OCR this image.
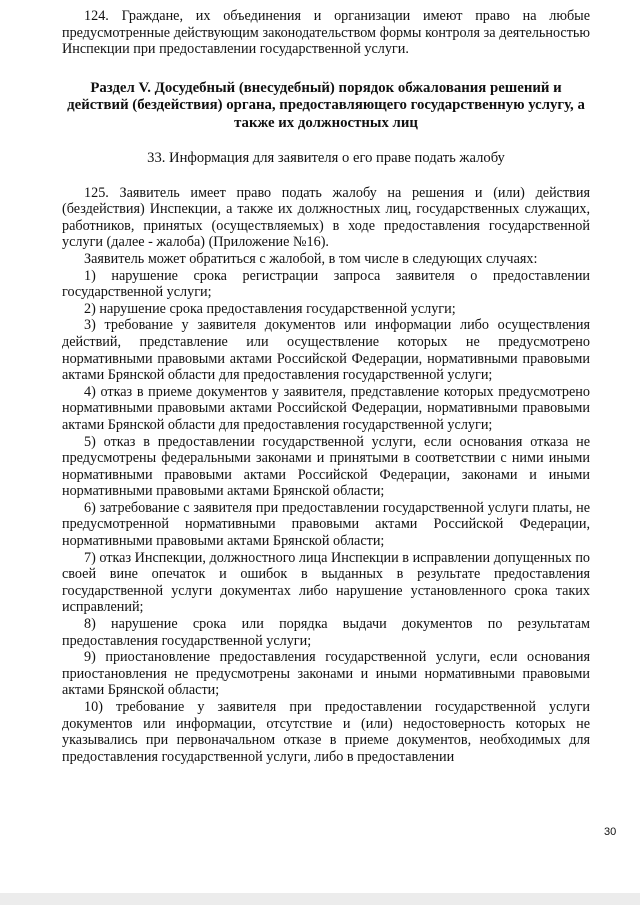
124. Граждане, их объединения и организации имеют право на любые предусмотренные действующим законодательством формы контроля за деятельностью Инспекции при предоставлении государственной услуги.

Раздел V. Досудебный (внесудебный) порядок обжалования решений и действий (бездействия) органа, предоставляющего государственную услугу, а также их должностных лиц
33. Информация для заявителя о его праве подать жалобу

125. Заявитель имеет право подать жалобу на решения и (или) действия (бездействия) Инспекции, а также их должностных лиц, государственных служащих, работников, принятых (осуществляемых) в ходе предоставления государственной услуги (далее - жалоба) (Приложение №16).

Заявитель может обратиться с жалобой, в том числе в следующих случаях:

1) нарушение срока регистрации запроса заявителя о предоставлении государственной услуги;
2) нарушение срока предоставления государственной услуги;
3) требование у заявителя документов или информации либо осуществления действий, представление или осуществление которых не предусмотрено нормативными правовыми актами Российской Федерации, нормативными правовыми актами Брянской области для предоставления государственной услуги;
4) отказ в приеме документов у заявителя, представление которых предусмотрено нормативными правовыми актами Российской Федерации, нормативными правовыми актами Брянской области для предоставления государственной услуги;
5) отказ в предоставлении государственной услуги, если основания отказа не предусмотрены федеральными законами и принятыми в соответствии с ними иными нормативными правовыми актами Российской Федерации, законами и иными нормативными правовыми актами Брянской области;
6) затребование с заявителя при предоставлении государственной услуги платы, не предусмотренной нормативными правовыми актами Российской Федерации, нормативными правовыми актами Брянской области;
7) отказ Инспекции, должностного лица Инспекции в исправлении допущенных по своей вине опечаток и ошибок в выданных в результате предоставления государственной услуги документах либо нарушение установленного срока таких исправлений;
8) нарушение срока или порядка выдачи документов по результатам предоставления государственной услуги;
9) приостановление предоставления государственной услуги, если основания приостановления не предусмотрены законами и иными нормативными правовыми актами Брянской области;
10) требование у заявителя при предоставлении государственной услуги документов или информации, отсутствие и (или) недостоверность которых не указывались при первоначальном отказе в приеме документов, необходимых для предоставления государственной услуги, либо в предоставлении
30
